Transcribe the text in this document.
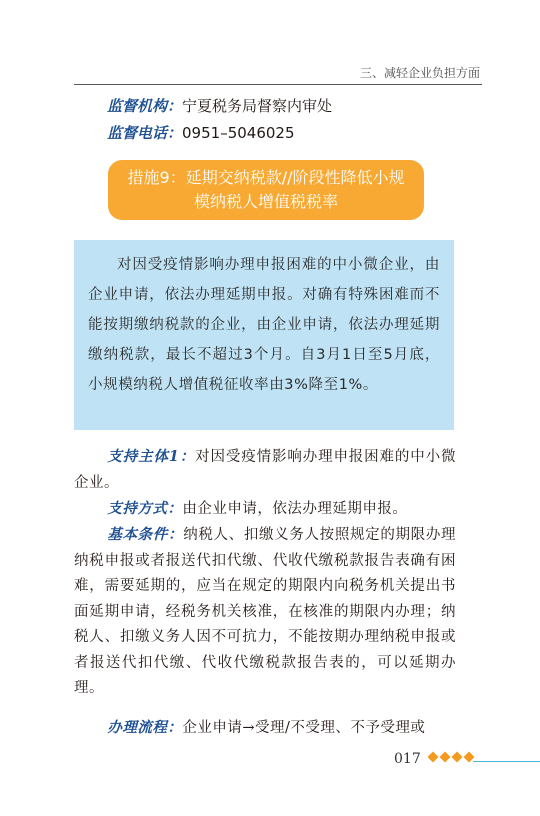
三、减轻企业负担方面
监督机构：宁夏税务局督察内审处
监督电话：0951–5046025
措施9：延期交纳税款//阶段性降低小规模纳税人增值税税率

对因受疫情影响办理申报困难的中小微企业，由企业申请，依法办理延期申报。对确有特殊困难而不能按期缴纳税款的企业，由企业申请，依法办理延期缴纳税款，最长不超过3个月。自3月1日至5月底，小规模纳税人增值税征收率由3%降至1%。

支持主体1：对因受疫情影响办理申报困难的中小微企业。

支持方式：由企业申请，依法办理延期申报。

基本条件：纳税人、扣缴义务人按照规定的期限办理纳税申报或者报送代扣代缴、代收代缴税款报告表确有困难，需要延期的，应当在规定的期限内向税务机关提出书面延期申请，经税务机关核准，在核准的期限内办理；纳税人、扣缴义务人因不可抗力，不能按期办理纳税申报或者报送代扣代缴、代收代缴税款报告表的，可以延期办理。

办理流程：企业申请→受理/不受理、不予受理或

017
